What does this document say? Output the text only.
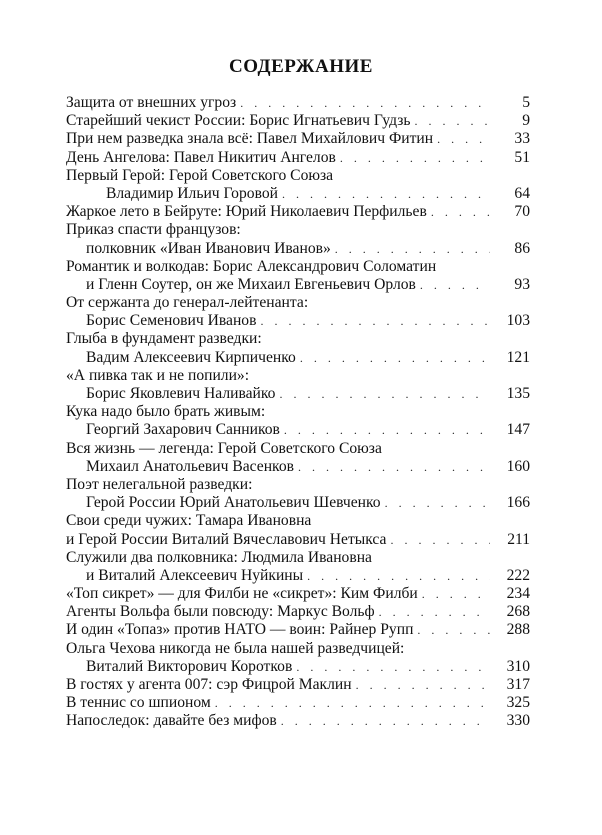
СОДЕРЖАНИЕ
Защита от внешних угроз . . .	5
Старейший чекист России: Борис Игнатьевич Гудзь . . .	9
При нем разведка знала всё: Павел Михайлович Фитин . . .	33
День Ангелова: Павел Никитич Ангелов . . .	51
Первый Герой: Герой Советского Союза
Владимир Ильич Горовой . . .	64
Жаркое лето в Бейруте: Юрий Николаевич Перфильев . . .	70
Приказ спасти французов:
полковник «Иван Иванович Иванов» . . .	86
Романтик и волкодав: Борис Александрович Соломатин
и Гленн Соутер, он же Михаил Евгеньевич Орлов . . .	93
От сержанта до генерал-лейтенанта:
Борис Семенович Иванов . . .	103
Глыба в фундамент разведки:
Вадим Алексеевич Кирпиченко . . .	121
«А пивка так и не попили»:
Борис Яковлевич Наливайко . . .	135
Кука надо было брать живым:
Георгий Захарович Санников . . .	147
Вся жизнь — легенда: Герой Советского Союза
Михаил Анатольевич Васенков . . .	160
Поэт нелегальной разведки:
Герой России Юрий Анатольевич Шевченко . . .	166
Свои среди чужих: Тамара Ивановна
и Герой России Виталий Вячеславович Нетыкса . . .	211
Служили два полковника: Людмила Ивановна
и Виталий Алексеевич Нуйкины . . .	222
«Топ сикрет» — для Филби не «сикрет»: Ким Филби . . .	234
Агенты Вольфа были повсюду: Маркус Вольф . . .	268
И один «Топаз» против НАТО — воин: Райнер Рупп . . .	288
Ольга Чехова никогда не была нашей разведчицей:
Виталий Викторович Коротков . . .	310
В гостях у агента 007: сэр Фицрой Маклин . . .	317
В теннис со шпионом . . .	325
Напоследок: давайте без мифов . . .	330
